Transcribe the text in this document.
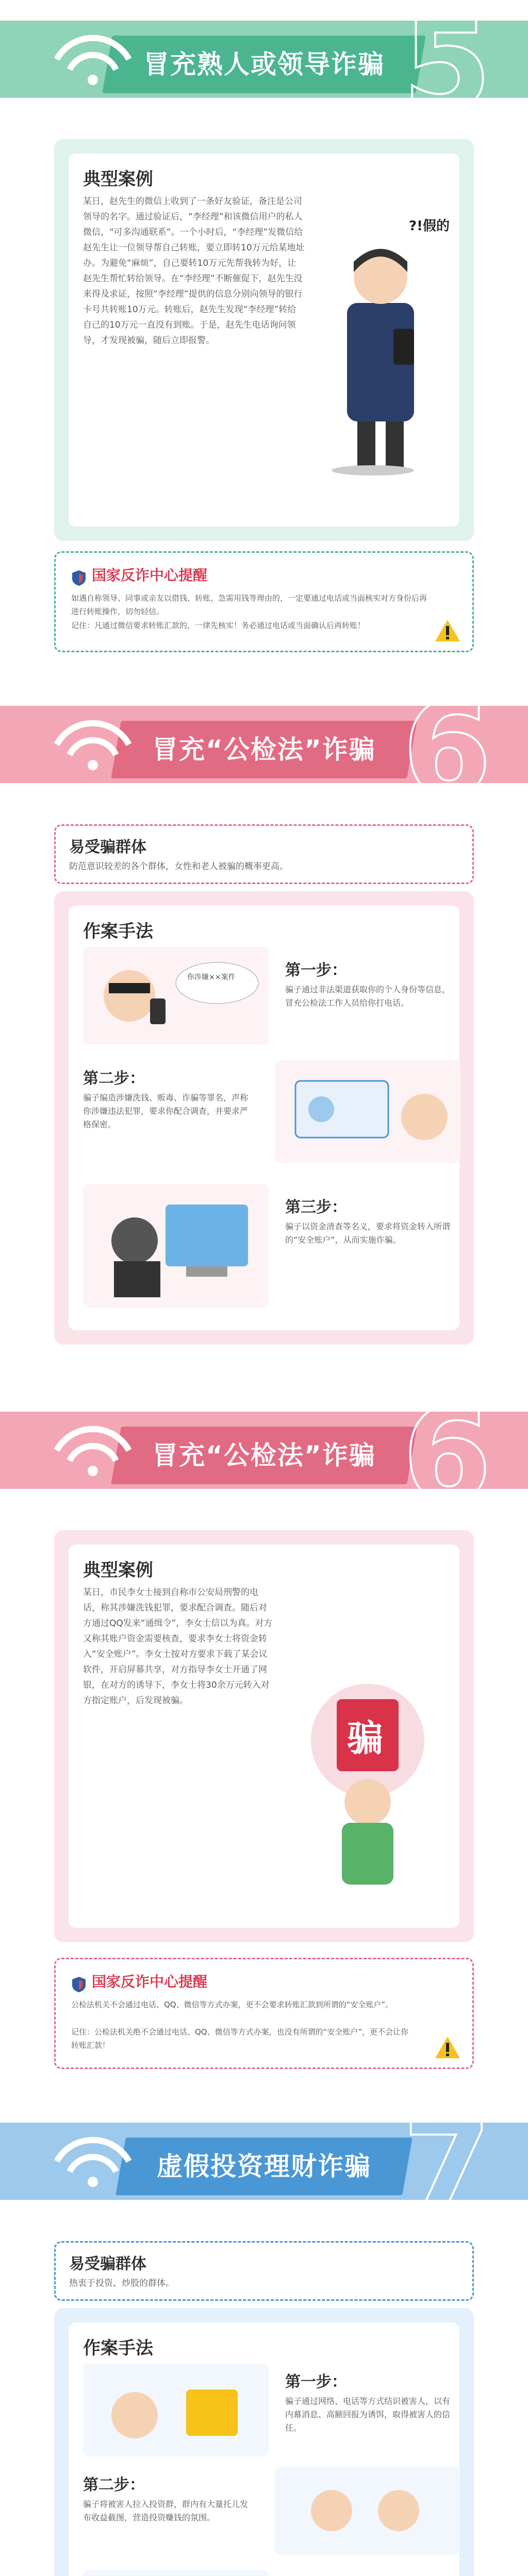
冒充熟人或领导诈骗 5
典型案例
某日，赵先生的微信上收到了一条好友验证，备注是公司领导的名字。通过验证后，“李经理”和该微信用户的私人微信，“可多沟通联系”。一个小时后，“李经理”发微信给赵先生让一位领导帮自己转账，要立即转10万元给某地址办。为避免“麻烦”，自己要转10万元先帮我转为好，让赵先生帮忙转给领导。在“李经理”不断催促下，赵先生没来得及求证，按照“李经理”提供的信息分别向领导的银行卡号共转账10万元。转账后，赵先生发现“李经理”转给自己的10万元一直没有到账。于是，赵先生电话询问领导，才发现被骗，随后立即报警。
?!假的
国家反诈中心提醒
如遇自称领导、同事或亲友以借钱、转账、急需用钱等理由的，一定要通过电话或当面核实对方身份后再进行转账操作，切勿轻信。
记住：凡通过微信要求转账汇款的，一律先核实！务必通过电话或当面确认后再转账！
冒充“公检法”诈骗 6
易受骗群体
防范意识较差的各个群体，女性和老人被骗的概率更高。
作案手法
你涉嫌××案件	第一步：
骗子通过非法渠道获取你的个人身份等信息，冒充公检法工作人员给你打电话。
第二步：
骗子编造涉嫌洗钱、贩毒、诈骗等罪名，声称你涉嫌违法犯罪，要求你配合调查，并要求严格保密。
第三步：
骗子以资金清查等名义，要求将资金转入所谓的“安全账户”，从而实施诈骗。
冒充“公检法”诈骗 6
典型案例
某日，市民李女士接到自称市公安局刑警的电话，称其涉嫌洗钱犯罪，要求配合调查。随后对方通过QQ发来“通缉令”，李女士信以为真。对方又称其账户资金需要核查，要求李女士将资金转入“安全账户”。李女士按对方要求下载了某会议软件，开启屏幕共享，对方指导李女士开通了网银，在对方的诱导下，李女士将30余万元转入对方指定账户，后发现被骗。
骗
国家反诈中心提醒
公检法机关不会通过电话、QQ、微信等方式办案，更不会要求转账汇款到所谓的“安全账户”。
记住：公检法机关绝不会通过电话、QQ、微信等方式办案，也没有所谓的“安全账户”，更不会让你转账汇款！
虚假投资理财诈骗 7
易受骗群体
热衷于投资、炒股的群体。
作案手法
第一步：
骗子通过网络、电话等方式结识被害人，以有内幕消息、高额回报为诱饵，取得被害人的信任。
第二步：
骗子将被害人拉入投资群，群内有大量托儿发布收益截图，营造投资赚钱的氛围。
